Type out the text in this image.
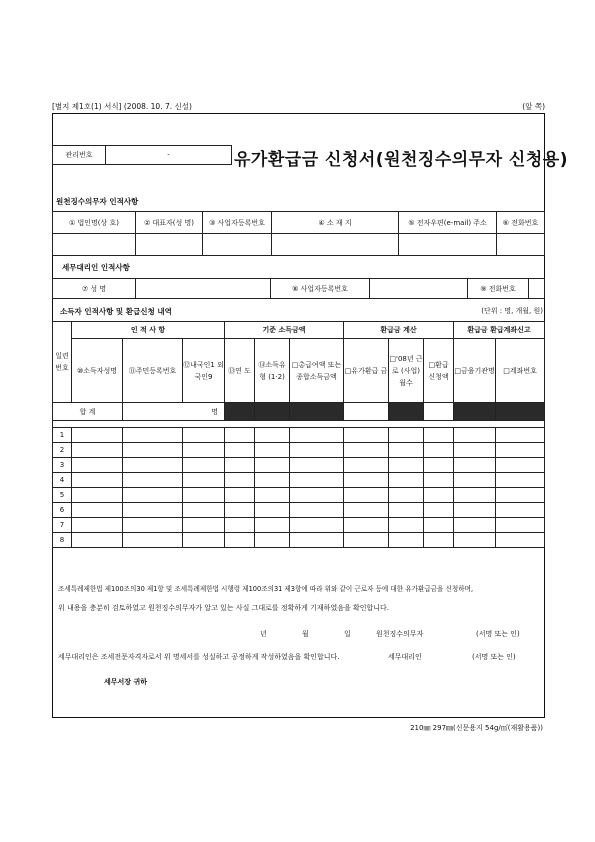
[별지 제1호(1) 서식] (2008. 10. 7. 신설)	(앞 쪽)
관리번호	-	유가환급금 신청서(원천징수의무자 신청용)
원천징수의무자 인적사항
① 법인명(상 호)	② 대표자(성 명)	③ 사업자등록번호	④ 소 재 지	⑤ 전자우편(e-mail) 주소	⑥ 전화번호

세무대리인 인적사항
⑦ 성 명		⑧ 사업자등록번호		⑨ 전화번호	
소득자 인적사항 및 환급신청 내역	(단위 : 명, 개월, 원)
일련번호	인 적 사 항			기준 소득금액			환급금 계산			환급금 환급계좌신고	
	⑩소득자성명	⑪주민등록번호	⑫내국인1 외국인9	⑬연 도	⑭소득유형 (1·2)	□총급여액 또는 종합소득금액	□유가환급 금	□'08년 근로 (사업)월수	□환급 신청액	□금융기관명	□계좌번호
합 계		명									

1											
2											
3											
4											
5											
6											
7											
8											
조세특례제한법 제100조의30 제1항 및 조세특례제한법 시행령 제100조의31 제3항에 따라 위와 같이 근로자 등에 대한 유가환급금을 신청하며,
위 내용을 충분히 검토하였고 원천징수의무자가 알고 있는 사실 그대로를 정확하게 기재하였음을 확인합니다.
년	월	일	원천징수의무자	(서명 또는 인)
세무대리인은 조세전문자격자로서 위 명세서를 성실하고 공정하게 작성하였음을 확인합니다.	세무대리인	(서명 또는 인)
세무서장 귀하
210㎜ 297㎜(신문용지 54g/㎡(재활용품))
